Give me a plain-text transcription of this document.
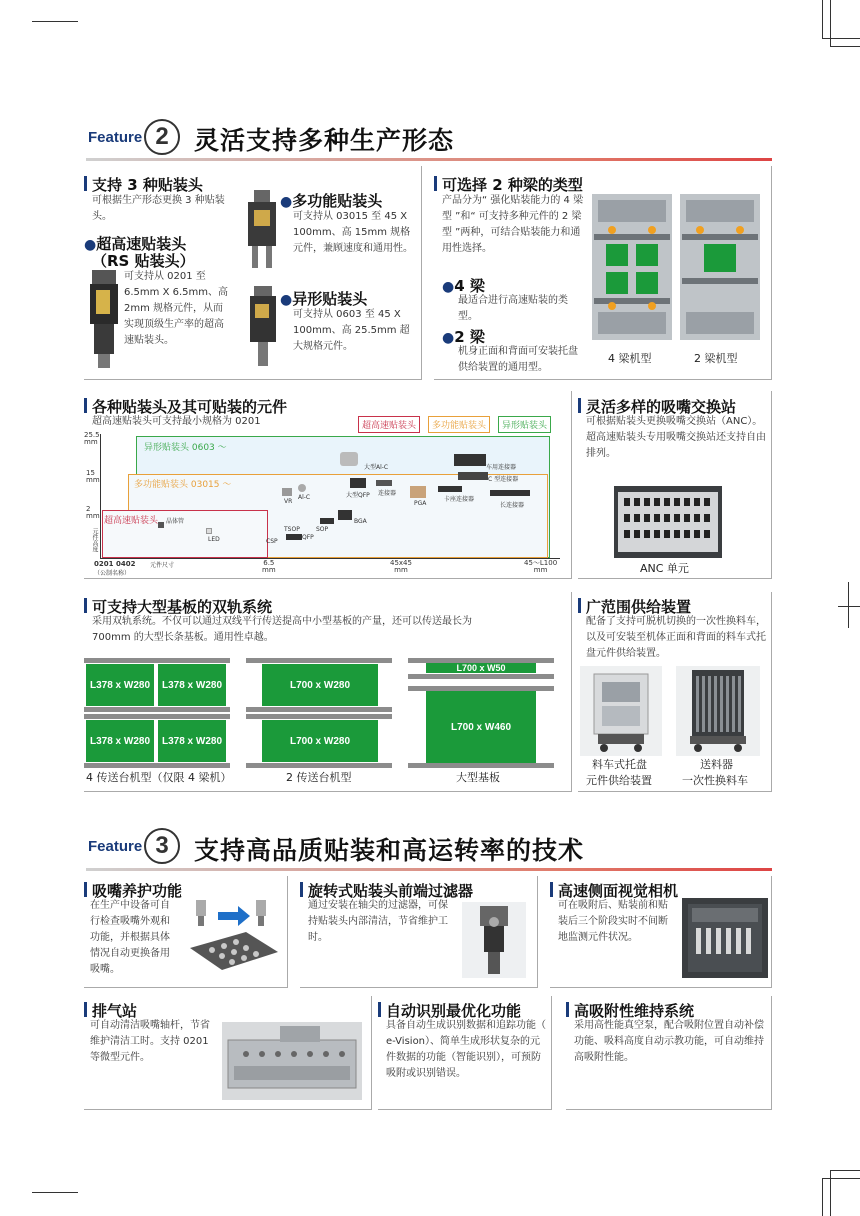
Feature 2	灵活支持多种生产形态
支持 3 种贴装头
可根据生产形态更换 3 种贴装头。
●超高速贴装头
（RS 贴装头）
可支持从 0201 至 6.5mm X 6.5mm、高 2mm 规格元件，从而实现顶级生产率的超高速贴装头。
●多功能贴装头
可支持从 03015 至 45 X 100mm、高 15mm 规格元件，兼顾速度和通用性。
●异形贴装头
可支持从 0603 至 45 X 100mm、高 25.5mm 超大规格元件。
可选择 2 种梁的类型
产品分为“ 强化贴装能力的 4 梁型 ”和“ 可支持多种元件的 2 梁型 ”两种，可结合贴装能力和通用性选择。
●4 梁
最适合进行高速贴装的类型。
●2 梁
机身正面和背面可安装托盘供给装置的通用型。
4 梁机型	2 梁机型
各种贴装头及其可贴装的元件
超高速贴装头可支持最小规格为 0201	超高速贴装头	多功能贴装头	异形贴装头
异形贴装头 0603 ～
多功能贴装头 03015 ～
超高速贴装头
25.5
mm
15
mm
2
mm
元件高度
0201 0402 元件尺寸	6.5
mm
45x45
mm
45～L100
mm
（公制名称）
大型Al-C	车用连接器
C 型连接器
VR
Al-C	大型QFP 连接器
PGA
卡座连接器
长连接器
晶体管
LED	CSP
TSOP	SOP
QFP
BGA
灵活多样的吸嘴交换站
可根据贴装头更换吸嘴交换站（ANC）。超高速贴装头专用吸嘴交换站还支持自由排列。
ANC 单元
可支持大型基板的双轨系统
采用双轨系统。不仅可以通过双线平行传送提高中小型基板的产量，还可以传送最长为 700mm 的大型长条基板。通用性卓越。
L378 x W280	L378 x W280
L378 x W280	L378 x W280
4 传送台机型（仅限 4 梁机）
L700 x W280
L700 x W280
2 传送台机型
L700 x W50
L700 x W460
大型基板
广范围供给装置
配备了支持可脱机切换的一次性换料车，以及可安装至机体正面和背面的料车式托盘元件供给装置。
料车式托盘
元件供给装置
送料器
一次性换料车
Feature 3	支持高品质贴装和高运转率的技术
吸嘴养护功能
在生产中设备可自行检查吸嘴外观和功能，并根据具体情况自动更换备用吸嘴。
旋转式贴装头前端过滤器
通过安装在轴尖的过滤器，可保持贴装头内部清洁，节省维护工时。
高速侧面视觉相机
可在吸附后、贴装前和贴装后三个阶段实时不间断地监测元件状况。
排气站
可自动清洁吸嘴轴杆，节省维护清洁工时。支持 0201 等微型元件。
自动识别最优化功能
具备自动生成识别数据和追踪功能（ e-Vision）、简单生成形状复杂的元件数据的功能（智能识别），可预防吸附或识别错误。
高吸附性维持系统
采用高性能真空泵，配合吸附位置自动补偿功能、吸料高度自动示教功能，可自动维持高吸附性能。
